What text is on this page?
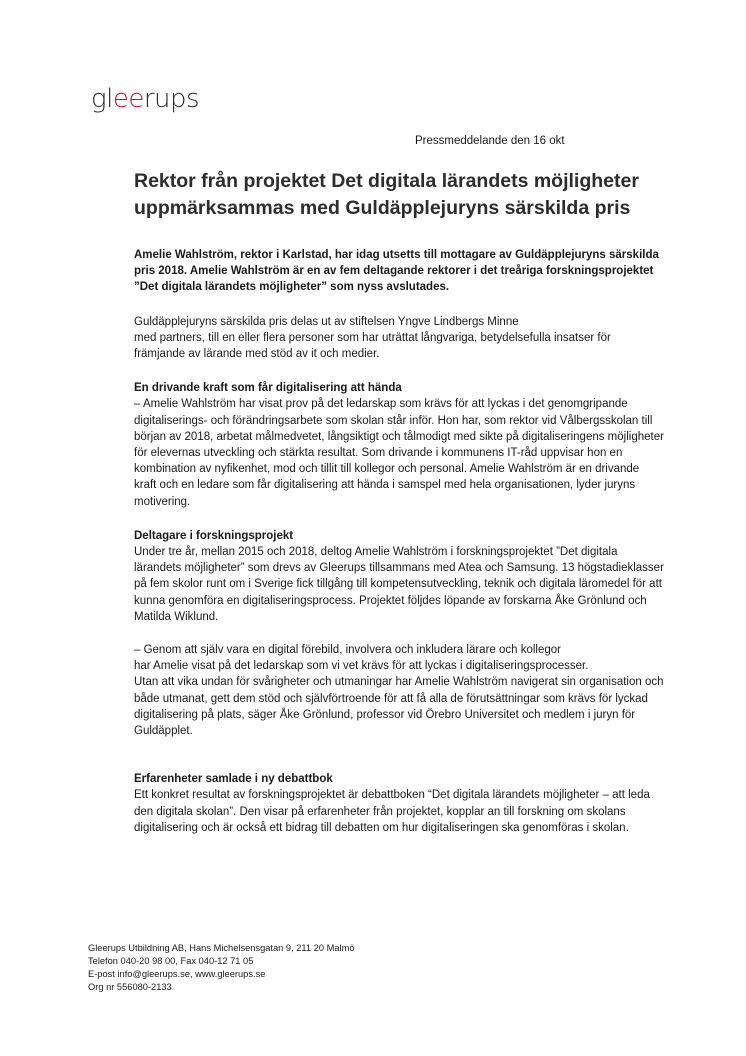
gleerups
Pressmeddelande den 16 okt
Rektor från projektet Det digitala lärandets möjligheter uppmärksammas med Guldäpplejuryns särskilda pris

Amelie Wahlström, rektor i Karlstad, har idag utsetts till mottagare av Guldäpplejuryns särskilda pris 2018. Amelie Wahlström är en av fem deltagande rektorer i det treåriga forskningsprojektet ”Det digitala lärandets möjligheter” som nyss avslutades.

Guldäpplejuryns särskilda pris delas ut av stiftelsen Yngve Lindbergs Minne
med partners, till en eller flera personer som har uträttat långvariga, betydelsefulla insatser för främjande av lärande med stöd av it och medier.

En drivande kraft som får digitalisering att hända

– Amelie Wahlström har visat prov på det ledarskap som krävs för att lyckas i det genomgripande digitaliserings- och förändringsarbete som skolan står inför. Hon har, som rektor vid Vålbergsskolan till början av 2018, arbetat målmedvetet, långsiktigt och tålmodigt med sikte på digitaliseringens möjligheter för elevernas utveckling och stärkta resultat. Som drivande i kommunens IT-råd uppvisar hon en kombination av nyfikenhet, mod och tillit till kollegor och personal. Amelie Wahlström är en drivande kraft och en ledare som får digitalisering att hända i samspel med hela organisationen, lyder juryns motivering.

Deltagare i forskningsprojekt

Under tre år, mellan 2015 och 2018, deltog Amelie Wahlström i forskningsprojektet ”Det digitala lärandets möjligheter” som drevs av Gleerups tillsammans med Atea och Samsung. 13 högstadieklasser på fem skolor runt om i Sverige fick tillgång till kompetensutveckling, teknik och digitala läromedel för att kunna genomföra en digitaliseringsprocess. Projektet följdes löpande av forskarna Åke Grönlund och Matilda Wiklund.

– Genom att själv vara en digital förebild, involvera och inkludera lärare och kollegor
har Amelie visat på det ledarskap som vi vet krävs för att lyckas i digitaliseringsprocesser.
Utan att vika undan för svårigheter och utmaningar har Amelie Wahlström navigerat sin organisation och både utmanat, gett dem stöd och självförtroende för att få alla de förutsättningar som krävs för lyckad digitalisering på plats, säger Åke Grönlund, professor vid Örebro Universitet och medlem i juryn för Guldäpplet.

Erfarenheter samlade i ny debattbok

Ett konkret resultat av forskningsprojektet är debattboken “Det digitala lärandets möjligheter – att leda den digitala skolan”. Den visar på erfarenheter från projektet, kopplar an till forskning om skolans digitalisering och är också ett bidrag till debatten om hur digitaliseringen ska genomföras i skolan.

Gleerups Utbildning AB, Hans Michelsensgatan 9, 211 20 Malmö
Telefon 040-20 98 00, Fax 040-12 71 05
E-post info@gleerups.se, www.gleerups.se
Org nr 556080-2133
